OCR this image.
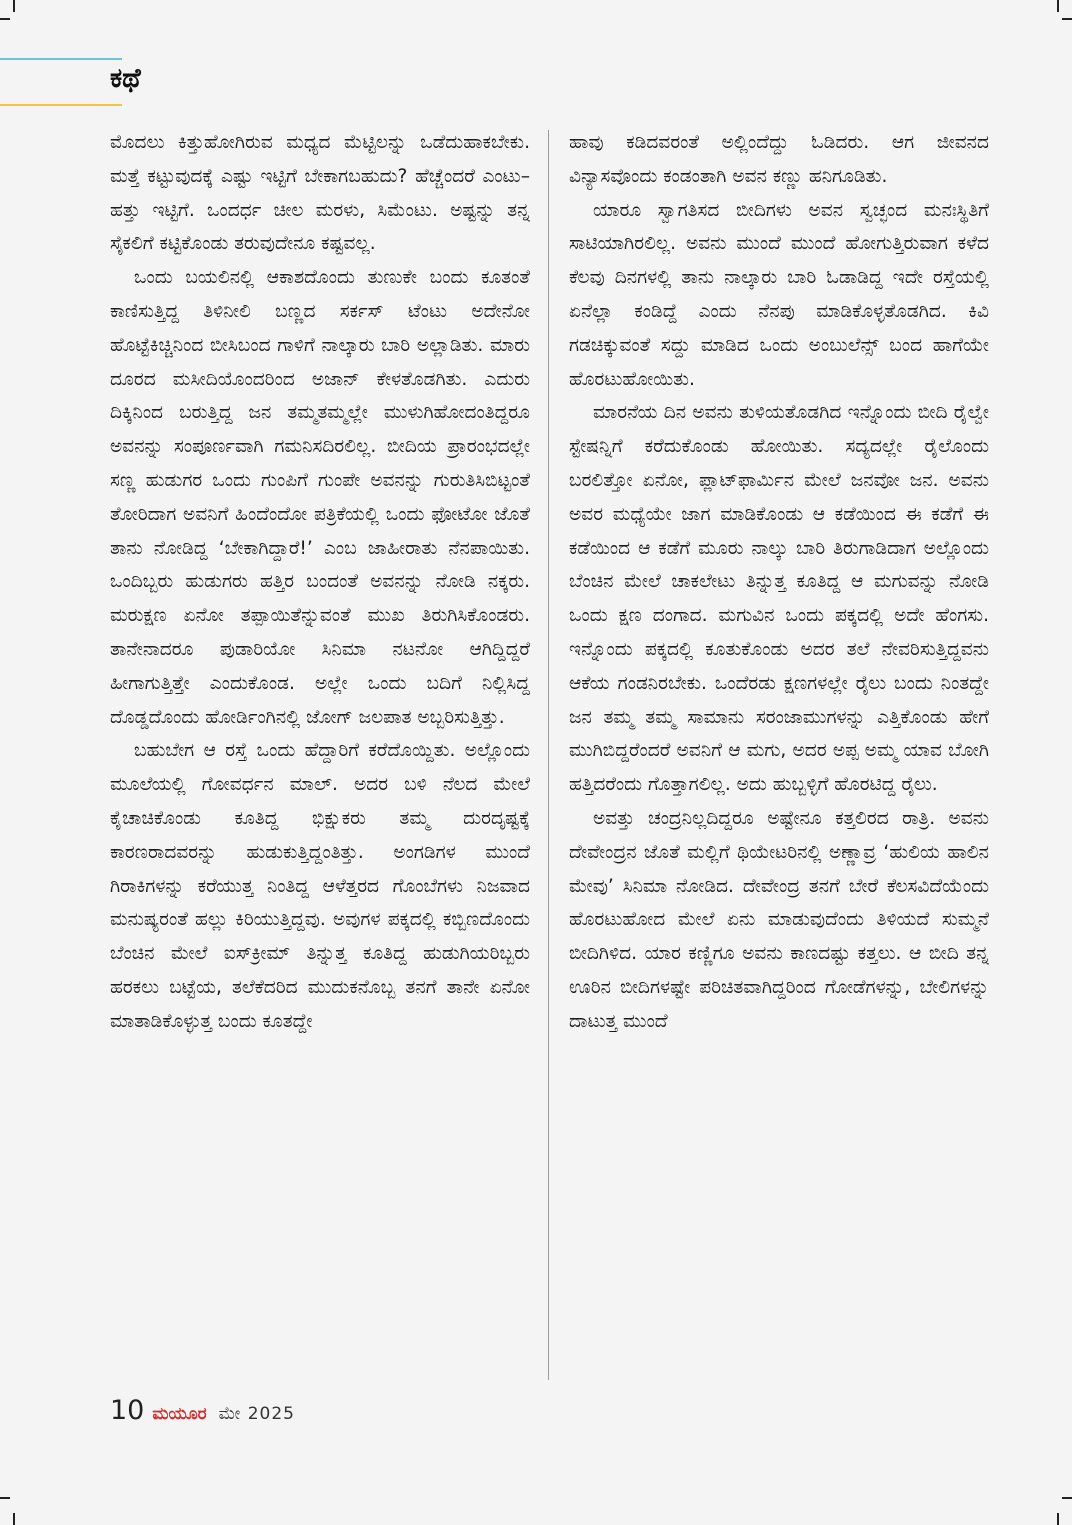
ಕಥೆ

ಮೊದಲು ಕಿತ್ತುಹೋಗಿರುವ ಮಧ್ಯದ ಮೆಟ್ಟಿಲನ್ನು ಒಡೆದುಹಾಕಬೇಕು. ಮತ್ತೆ ಕಟ್ಟುವುದಕ್ಕೆ ಎಷ್ಟು ಇಟ್ಟಿಗೆ ಬೇಕಾಗಬಹುದು? ಹೆಚ್ಚೆಂದರೆ ಎಂಟು– ಹತ್ತು ಇಟ್ಟಿಗೆ. ಒಂದರ್ಧ ಚೀಲ ಮರಳು, ಸಿಮೆಂಟು. ಅಷ್ಟನ್ನು ತನ್ನ ಸೈಕಲಿಗೆ ಕಟ್ಟಿಕೊಂಡು ತರುವುದೇನೂ ಕಷ್ಟವಲ್ಲ.

ಒಂದು ಬಯಲಿನಲ್ಲಿ ಆಕಾಶದೊಂದು ತುಣುಕೇ ಬಂದು ಕೂತಂತೆ ಕಾಣಿಸುತ್ತಿದ್ದ ತಿಳಿನೀಲಿ ಬಣ್ಣದ ಸರ್ಕಸ್ ಟೆಂಟು ಅದೇನೋ ಹೊಟ್ಟೆಕಿಚ್ಚಿನಿಂದ ಬೀಸಿಬಂದ ಗಾಳಿಗೆ ನಾಲ್ಕಾರು ಬಾರಿ ಅಲ್ಲಾಡಿತು. ಮಾರು ದೂರದ ಮಸೀದಿಯೊಂದರಿಂದ ಅಜಾನ್ ಕೇಳತೊಡಗಿತು. ಎದುರು ದಿಕ್ಕಿನಿಂದ ಬರುತ್ತಿದ್ದ ಜನ ತಮ್ಮತಮ್ಮಲ್ಲೇ ಮುಳುಗಿಹೋದಂತಿದ್ದರೂ ಅವನನ್ನು ಸಂಪೂರ್ಣವಾಗಿ ಗಮನಿಸದಿರಲಿಲ್ಲ. ಬೀದಿಯ ಪ್ರಾರಂಭದಲ್ಲೇ ಸಣ್ಣ ಹುಡುಗರ ಒಂದು ಗುಂಪಿಗೆ ಗುಂಪೇ ಅವನನ್ನು ಗುರುತಿಸಿಬಿಟ್ಟಂತೆ ತೋರಿದಾಗ ಅವನಿಗೆ ಹಿಂದೆಂದೋ ಪತ್ರಿಕೆಯಲ್ಲಿ ಒಂದು ಫೋಟೋ ಜೊತೆ ತಾನು ನೋಡಿದ್ದ ‘ಬೇಕಾಗಿದ್ದಾರೆ!’ ಎಂಬ ಜಾಹೀರಾತು ನೆನಪಾಯಿತು. ಒಂದಿಬ್ಬರು ಹುಡುಗರು ಹತ್ತಿರ ಬಂದಂತೆ ಅವನನ್ನು ನೋಡಿ ನಕ್ಕರು. ಮರುಕ್ಷಣ ಏನೋ ತಪ್ಪಾಯಿತೆನ್ನುವಂತೆ ಮುಖ ತಿರುಗಿಸಿಕೊಂಡರು. ತಾನೇನಾದರೂ ಪುಡಾರಿಯೋ ಸಿನಿಮಾ ನಟನೋ ಆಗಿದ್ದಿದ್ದರೆ ಹೀಗಾಗುತ್ತಿತ್ತೇ ಎಂದುಕೊಂಡ. ಅಲ್ಲೇ ಒಂದು ಬದಿಗೆ ನಿಲ್ಲಿಸಿದ್ದ ದೊಡ್ಡದೊಂದು ಹೋರ್ಡಿಂಗಿನಲ್ಲಿ ಜೋಗ್ ಜಲಪಾತ ಅಬ್ಬರಿಸುತ್ತಿತ್ತು.

ಬಹುಬೇಗ ಆ ರಸ್ತೆ ಒಂದು ಹೆದ್ದಾರಿಗೆ ಕರೆದೊಯ್ದಿತು. ಅಲ್ಲೊಂದು ಮೂಲೆಯಲ್ಲಿ ಗೋವರ್ಧನ ಮಾಲ್. ಅದರ ಬಳಿ ನೆಲದ ಮೇಲೆ ಕೈಚಾಚಿಕೊಂಡು ಕೂತಿದ್ದ ಭಿಕ್ಷುಕರು ತಮ್ಮ ದುರದೃಷ್ಟಕ್ಕೆ ಕಾರಣರಾದವರನ್ನು ಹುಡುಕುತ್ತಿದ್ದಂತಿತ್ತು. ಅಂಗಡಿಗಳ ಮುಂದೆ ಗಿರಾಕಿಗಳನ್ನು ಕರೆಯುತ್ತ ನಿಂತಿದ್ದ ಆಳೆತ್ತರದ ಗೊಂಬೆಗಳು ನಿಜವಾದ ಮನುಷ್ಯರಂತೆ ಹಲ್ಲು ಕಿರಿಯುತ್ತಿದ್ದವು. ಅವುಗಳ ಪಕ್ಕದಲ್ಲಿ ಕಬ್ಬಿಣದೊಂದು ಬೆಂಚಿನ ಮೇಲೆ ಐಸ್‌ಕ್ರೀಮ್ ತಿನ್ನುತ್ತ ಕೂತಿದ್ದ ಹುಡುಗಿಯರಿಬ್ಬರು ಹರಕಲು ಬಟ್ಟೆಯ, ತಲೆಕೆದರಿದ ಮುದುಕನೊಬ್ಬ ತನಗೆ ತಾನೇ ಏನೋ ಮಾತಾಡಿಕೊಳ್ಳುತ್ತ ಬಂದು ಕೂತದ್ದೇ

ಹಾವು ಕಡಿದವರಂತೆ ಅಲ್ಲಿಂದೆದ್ದು ಓಡಿದರು. ಆಗ ಜೀವನದ ವಿನ್ಯಾಸವೊಂದು ಕಂಡಂತಾಗಿ ಅವನ ಕಣ್ಣು ಹನಿಗೂಡಿತು.

ಯಾರೂ ಸ್ವಾಗತಿಸದ ಬೀದಿಗಳು ಅವನ ಸ್ವಚ್ಛಂದ ಮನಃಸ್ಥಿತಿಗೆ ಸಾಟಿಯಾಗಿರಲಿಲ್ಲ. ಅವನು ಮುಂದೆ ಮುಂದೆ ಹೋಗುತ್ತಿರುವಾಗ ಕಳೆದ ಕೆಲವು ದಿನಗಳಲ್ಲಿ ತಾನು ನಾಲ್ಕಾರು ಬಾರಿ ಓಡಾಡಿದ್ದ ಇದೇ ರಸ್ತೆಯಲ್ಲಿ ಏನೆಲ್ಲಾ ಕಂಡಿದ್ದೆ ಎಂದು ನೆನಪು ಮಾಡಿಕೊಳ್ಳತೊಡಗಿದ. ಕಿವಿ ಗಡಚಿಕ್ಕುವಂತೆ ಸದ್ದು ಮಾಡಿದ ಒಂದು ಅಂಬುಲೆನ್ಸ್ ಬಂದ ಹಾಗೆಯೇ ಹೊರಟುಹೋಯಿತು.

ಮಾರನೆಯ ದಿನ ಅವನು ತುಳಿಯತೊಡಗಿದ ಇನ್ನೊಂದು ಬೀದಿ ರೈಲ್ವೇ ಸ್ಟೇಷನ್ನಿಗೆ ಕರೆದುಕೊಂಡು ಹೋಯಿತು. ಸದ್ಯದಲ್ಲೇ ರೈಲೊಂದು ಬರಲಿತ್ತೋ ಏನೋ, ಪ್ಲಾಟ್‌ಫಾರ್ಮಿನ ಮೇಲೆ ಜನವೋ ಜನ. ಅವನು ಅವರ ಮಧ್ಯೆಯೇ ಜಾಗ ಮಾಡಿಕೊಂಡು ಆ ಕಡೆಯಿಂದ ಈ ಕಡೆಗೆ ಈ ಕಡೆಯಿಂದ ಆ ಕಡೆಗೆ ಮೂರು ನಾಲ್ಕು ಬಾರಿ ತಿರುಗಾಡಿದಾಗ ಅಲ್ಲೊಂದು ಬೆಂಚಿನ ಮೇಲೆ ಚಾಕಲೇಟು ತಿನ್ನುತ್ತ ಕೂತಿದ್ದ ಆ ಮಗುವನ್ನು ನೋಡಿ ಒಂದು ಕ್ಷಣ ದಂಗಾದ. ಮಗುವಿನ ಒಂದು ಪಕ್ಕದಲ್ಲಿ ಅದೇ ಹೆಂಗಸು. ಇನ್ನೊಂದು ಪಕ್ಕದಲ್ಲಿ ಕೂತುಕೊಂಡು ಅದರ ತಲೆ ನೇವರಿಸುತ್ತಿದ್ದವನು ಆಕೆಯ ಗಂಡನಿರಬೇಕು. ಒಂದೆರಡು ಕ್ಷಣಗಳಲ್ಲೇ ರೈಲು ಬಂದು ನಿಂತದ್ದೇ ಜನ ತಮ್ಮ ತಮ್ಮ ಸಾಮಾನು ಸರಂಜಾಮುಗಳನ್ನು ಎತ್ತಿಕೊಂಡು ಹೇಗೆ ಮುಗಿಬಿದ್ದರೆಂದರೆ ಅವನಿಗೆ ಆ ಮಗು, ಅದರ ಅಪ್ಪ ಅಮ್ಮ ಯಾವ ಬೋಗಿ ಹತ್ತಿದರೆಂದು ಗೊತ್ತಾಗಲಿಲ್ಲ. ಅದು ಹುಬ್ಬಳ್ಳಿಗೆ ಹೊರಟಿದ್ದ ರೈಲು.

ಅವತ್ತು ಚಂದ್ರನಿಲ್ಲದಿದ್ದರೂ ಅಷ್ಟೇನೂ ಕತ್ತಲಿರದ ರಾತ್ರಿ. ಅವನು ದೇವೇಂದ್ರನ ಜೊತೆ ಮಲ್ಲಿಗೆ ಥಿಯೇಟರಿನಲ್ಲಿ ಅಣ್ಣಾವ್ರ ‘ಹುಲಿಯ ಹಾಲಿನ ಮೇವು’ ಸಿನಿಮಾ ನೋಡಿದ. ದೇವೇಂದ್ರ ತನಗೆ ಬೇರೆ ಕೆಲಸವಿದೆಯೆಂದು ಹೊರಟುಹೋದ ಮೇಲೆ ಏನು ಮಾಡುವುದೆಂದು ತಿಳಿಯದೆ ಸುಮ್ಮನೆ ಬೀದಿಗಿಳಿದ. ಯಾರ ಕಣ್ಣಿಗೂ ಅವನು ಕಾಣದಷ್ಟು ಕತ್ತಲು. ಆ ಬೀದಿ ತನ್ನ ಊರಿನ ಬೀದಿಗಳಷ್ಟೇ ಪರಿಚಿತವಾಗಿದ್ದರಿಂದ ಗೋಡೆಗಳನ್ನು, ಬೇಲಿಗಳನ್ನು ದಾಟುತ್ತ ಮುಂದೆ

10 ಮಯೂರ ಮೇ 2025
